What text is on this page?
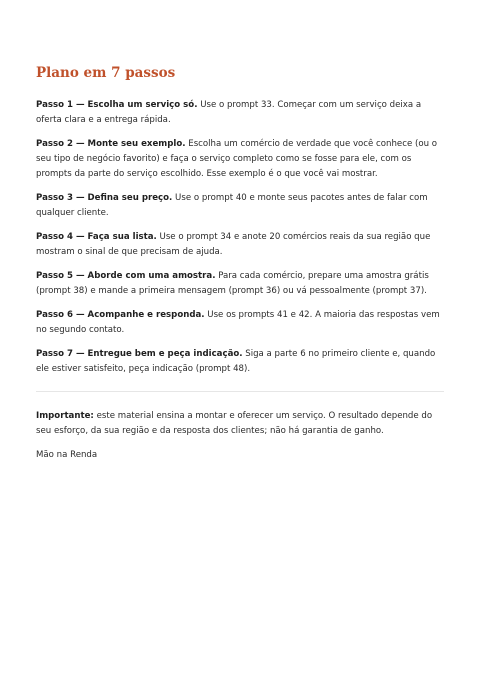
Plano em 7 passos

Passo 1 — Escolha um serviço só. Use o prompt 33. Começar com um serviço deixa a oferta clara e a entrega rápida.

Passo 2 — Monte seu exemplo. Escolha um comércio de verdade que você conhece (ou o seu tipo de negócio favorito) e faça o serviço completo como se fosse para ele, com os prompts da parte do serviço escolhido. Esse exemplo é o que você vai mostrar.

Passo 3 — Defina seu preço. Use o prompt 40 e monte seus pacotes antes de falar com qualquer cliente.

Passo 4 — Faça sua lista. Use o prompt 34 e anote 20 comércios reais da sua região que mostram o sinal de que precisam de ajuda.

Passo 5 — Aborde com uma amostra. Para cada comércio, prepare uma amostra grátis (prompt 38) e mande a primeira mensagem (prompt 36) ou vá pessoalmente (prompt 37).

Passo 6 — Acompanhe e responda. Use os prompts 41 e 42. A maioria das respostas vem no segundo contato.

Passo 7 — Entregue bem e peça indicação. Siga a parte 6 no primeiro cliente e, quando ele estiver satisfeito, peça indicação (prompt 48).

Importante: este material ensina a montar e oferecer um serviço. O resultado depende do seu esforço, da sua região e da resposta dos clientes; não há garantia de ganho.

Mão na Renda
